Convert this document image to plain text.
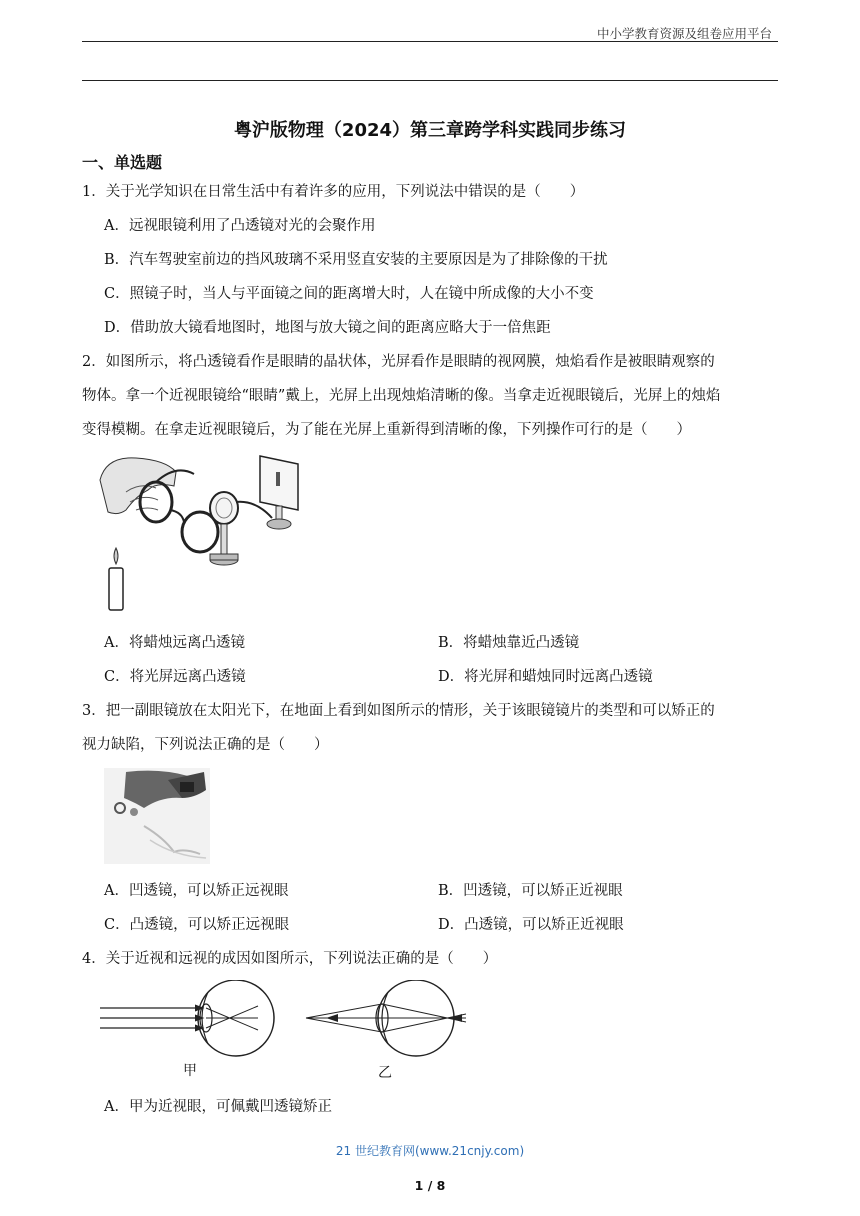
中小学教育资源及组卷应用平台
粤沪版物理（2024）第三章跨学科实践同步练习
一、单选题
1．关于光学知识在日常生活中有着许多的应用，下列说法中错误的是（　　）
A．远视眼镜利用了凸透镜对光的会聚作用
B．汽车驾驶室前边的挡风玻璃不采用竖直安装的主要原因是为了排除像的干扰
C．照镜子时，当人与平面镜之间的距离增大时，人在镜中所成像的大小不变
D．借助放大镜看地图时，地图与放大镜之间的距离应略大于一倍焦距
2．如图所示，将凸透镜看作是眼睛的晶状体，光屏看作是眼睛的视网膜，烛焰看作是被眼睛观察的
物体。拿一个近视眼镜给“眼睛”戴上，光屏上出现烛焰清晰的像。当拿走近视眼镜后，光屏上的烛焰
变得模糊。在拿走近视眼镜后，为了能在光屏上重新得到清晰的像，下列操作可行的是（　　）
A．将蜡烛远离凸透镜	B．将蜡烛靠近凸透镜
C．将光屏远离凸透镜	D．将光屏和蜡烛同时远离凸透镜
3．把一副眼镜放在太阳光下，在地面上看到如图所示的情形，关于该眼镜镜片的类型和可以矫正的
视力缺陷，下列说法正确的是（　　）
A．凹透镜，可以矫正远视眼	B．凹透镜，可以矫正近视眼
C．凸透镜，可以矫正远视眼	D．凸透镜，可以矫正近视眼
4．关于近视和远视的成因如图所示，下列说法正确的是（　　）
甲	乙
A．甲为近视眼，可佩戴凹透镜矫正
21 世纪教育网(www.21cnjy.com)
1 / 8
